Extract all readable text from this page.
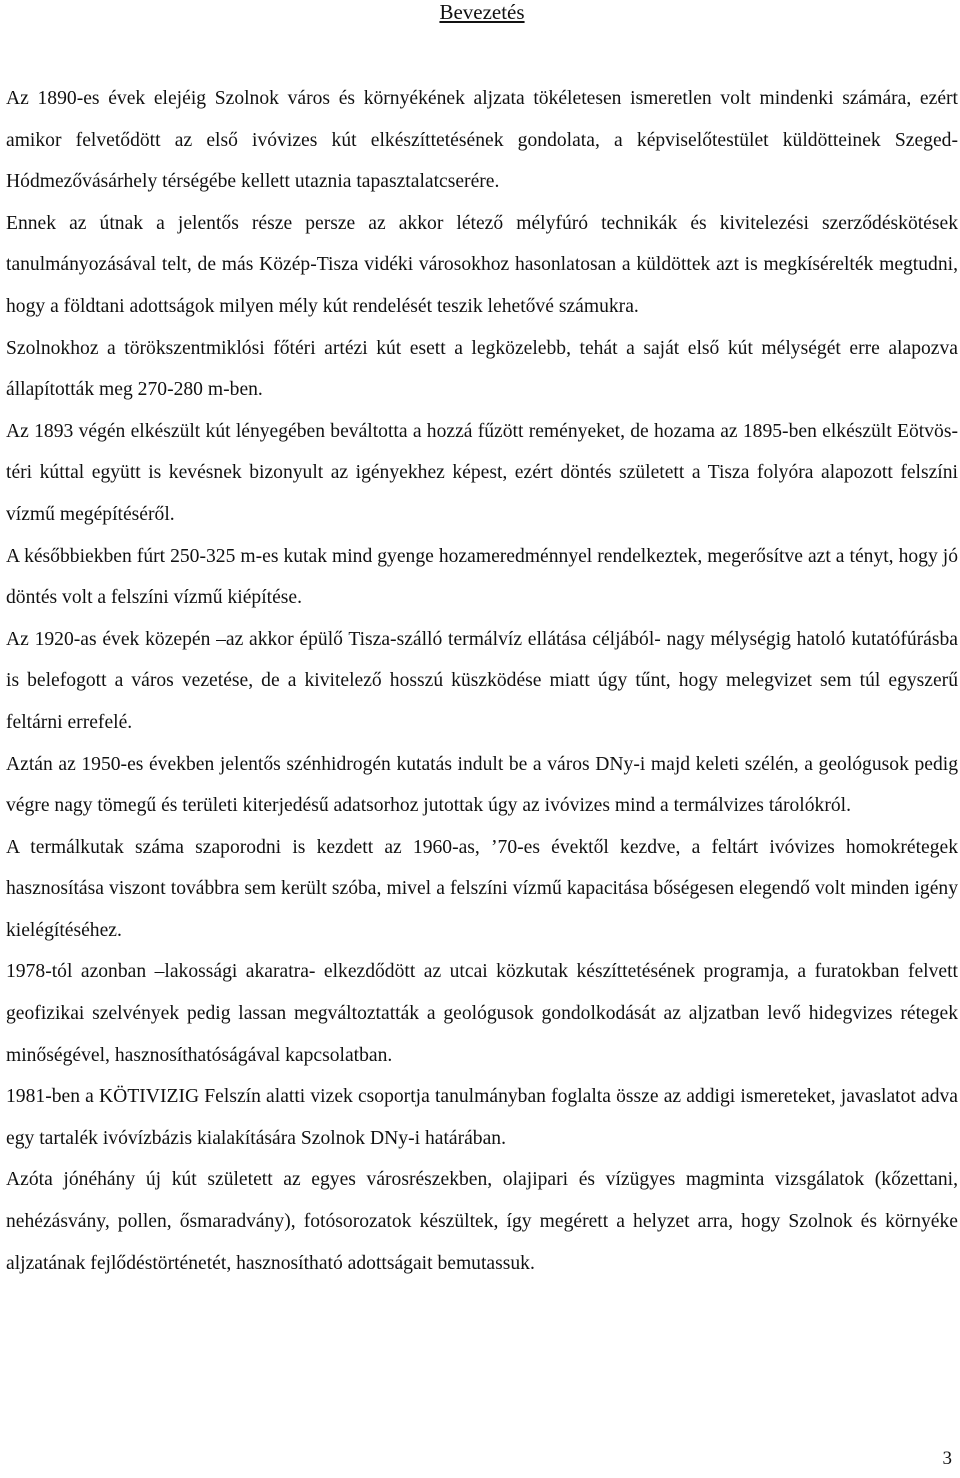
Bevezetés

Az 1890-es évek elejéig Szolnok város és környékének aljzata tökéletesen ismeretlen volt mindenki számára, ezért amikor felvetődött az első ivóvizes kút elkészíttetésének gondolata, a képviselőtestület küldötteinek Szeged-Hódmezővásárhely térségébe kellett utaznia tapasztalatcserére.

Ennek az útnak a jelentős része persze az akkor létező mélyfúró technikák és kivitelezési szerződéskötések tanulmányozásával telt, de más Közép-Tisza vidéki városokhoz hasonlatosan a küldöttek azt is megkísérelték megtudni, hogy a földtani adottságok milyen mély kút rendelését teszik lehetővé számukra.

Szolnokhoz a törökszentmiklósi főtéri artézi kút esett a legközelebb, tehát a saját első kút mélységét erre alapozva állapították meg 270-280 m-ben.

Az 1893 végén elkészült kút lényegében beváltotta a hozzá fűzött reményeket, de hozama az 1895-ben elkészült Eötvös-téri kúttal együtt is kevésnek bizonyult az igényekhez képest, ezért döntés született a Tisza folyóra alapozott felszíni vízmű megépítéséről.

A későbbiekben fúrt 250-325 m-es kutak mind gyenge hozameredménnyel rendelkeztek, megerősítve azt a tényt, hogy jó döntés volt a felszíni vízmű kiépítése.

Az 1920-as évek közepén –az akkor épülő Tisza-szálló termálvíz ellátása céljából- nagy mélységig hatoló kutatófúrásba is belefogott a város vezetése, de a kivitelező hosszú küszködése miatt úgy tűnt, hogy melegvizet sem túl egyszerű feltárni errefelé.

Aztán az 1950-es években jelentős szénhidrogén kutatás indult be a város DNy-i majd keleti szélén, a geológusok pedig végre nagy tömegű és területi kiterjedésű adatsorhoz jutottak úgy az ivóvizes mind a termálvizes tárolókról.

A termálkutak száma szaporodni is kezdett az 1960-as, ’70-es évektől kezdve, a feltárt ivóvizes homokrétegek hasznosítása viszont továbbra sem került szóba, mivel a felszíni vízmű kapacitása bőségesen elegendő volt minden igény kielégítéséhez.

1978-tól azonban –lakossági akaratra- elkezdődött az utcai közkutak készíttetésének programja, a furatokban felvett geofizikai szelvények pedig lassan megváltoztatták a geológusok gondolkodását az aljzatban levő hidegvizes rétegek minőségével, hasznosíthatóságával kapcsolatban.

1981-ben a KÖTIVIZIG Felszín alatti vizek csoportja tanulmányban foglalta össze az addigi ismereteket, javaslatot adva egy tartalék ivóvízbázis kialakítására Szolnok DNy-i határában.

Azóta jónéhány új kút született az egyes városrészekben, olajipari és vízügyes magminta vizsgálatok (kőzettani, nehézásvány, pollen, ősmaradvány), fotósorozatok készültek, így megérett a helyzet arra, hogy Szolnok és környéke aljzatának fejlődéstörténetét, hasznosítható adottságait bemutassuk.

3
